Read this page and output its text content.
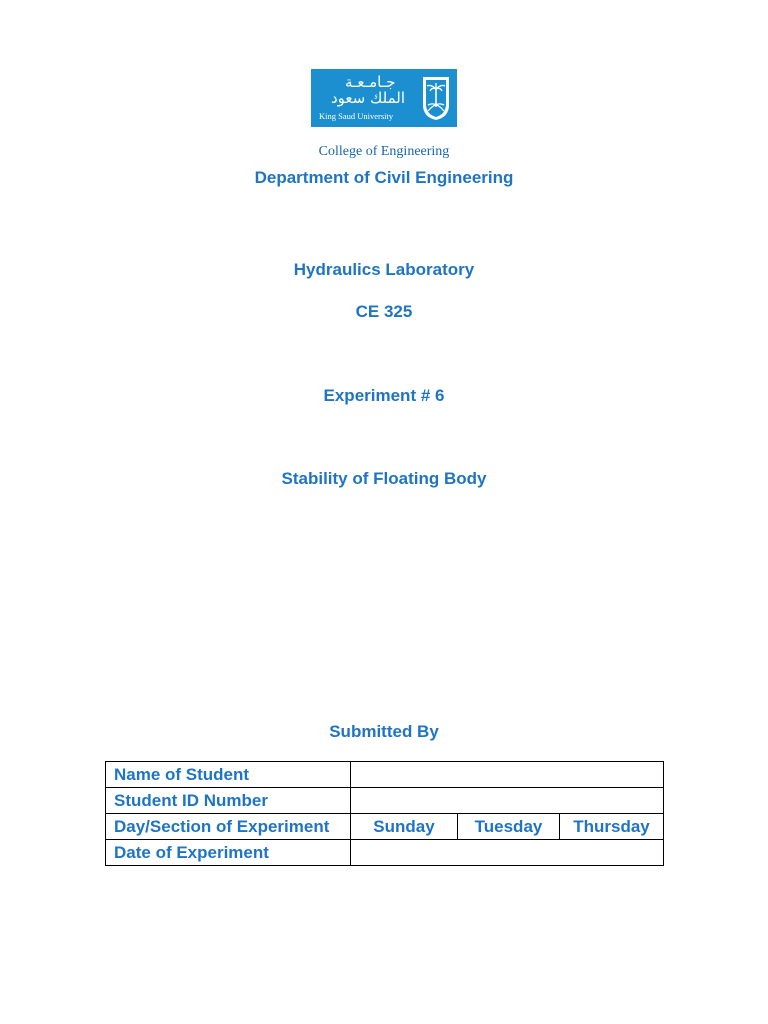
جـامـعـة
الملك سعود
King Saud University
College of Engineering
Department of Civil Engineering
Hydraulics Laboratory
CE 325
Experiment # 6
Stability of Floating Body
Submitted By
Name of Student			
Student ID Number			
Day/Section of Experiment	Sunday	Tuesday	Thursday
Date of Experiment			
